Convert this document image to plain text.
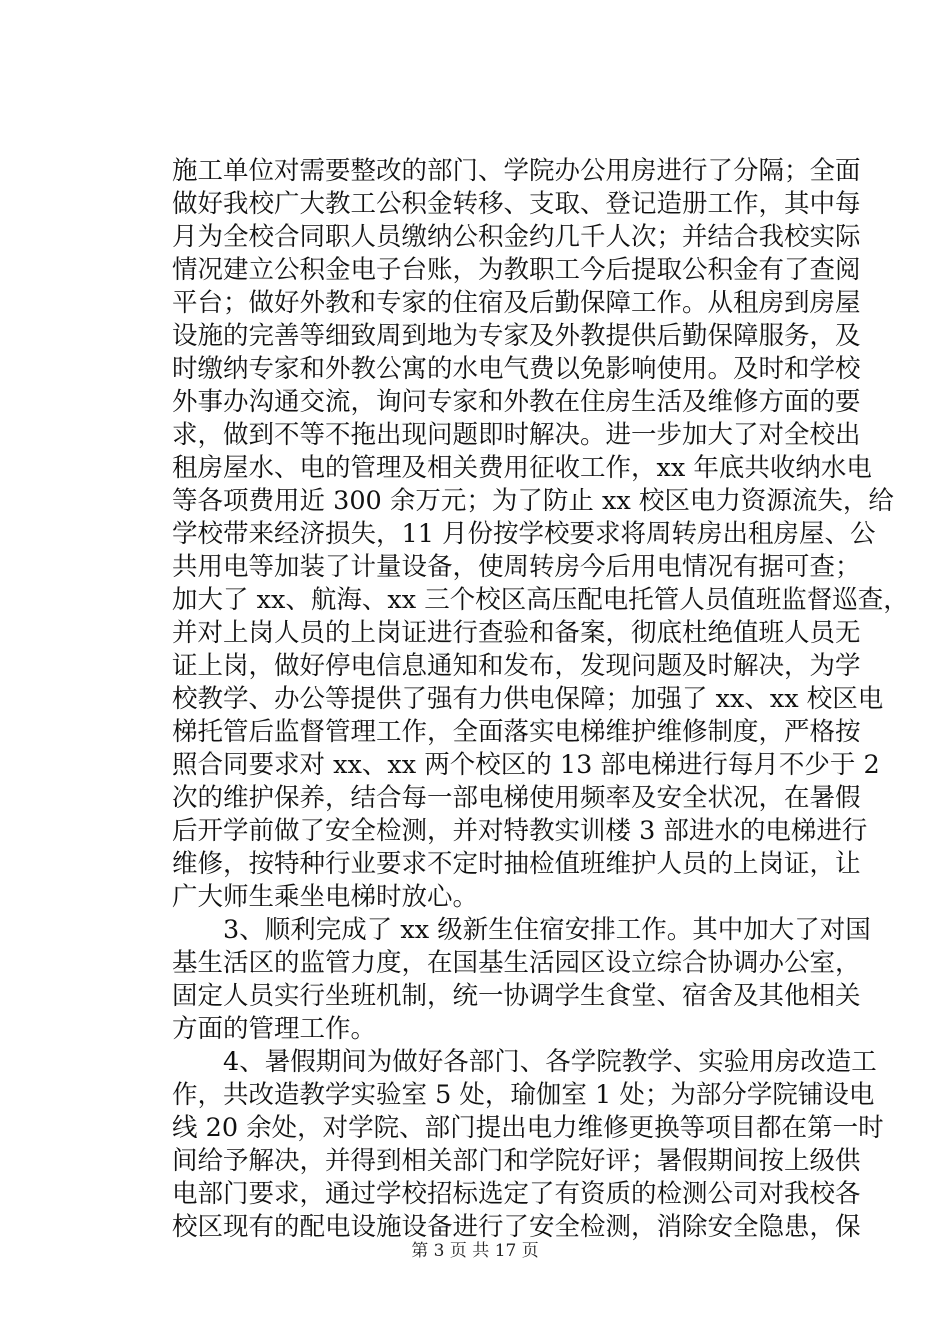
施工单位对需要整改的部门、学院办公用房进行了分隔；全面
做好我校广大教工公积金转移、支取、登记造册工作，其中每
月为全校合同职人员缴纳公积金约几千人次；并结合我校实际
情况建立公积金电子台账，为教职工今后提取公积金有了查阅
平台；做好外教和专家的住宿及后勤保障工作。从租房到房屋
设施的完善等细致周到地为专家及外教提供后勤保障服务，及
时缴纳专家和外教公寓的水电气费以免影响使用。及时和学校
外事办沟通交流，询问专家和外教在住房生活及维修方面的要
求，做到不等不拖出现问题即时解决。进一步加大了对全校出
租房屋水、电的管理及相关费用征收工作，xx 年底共收纳水电
等各项费用近 300 余万元；为了防止 xx 校区电力资源流失，给
学校带来经济损失，11 月份按学校要求将周转房出租房屋、公
共用电等加装了计量设备，使周转房今后用电情况有据可查；
加大了 xx、航海、xx 三个校区高压配电托管人员值班监督巡查，
并对上岗人员的上岗证进行查验和备案，彻底杜绝值班人员无
证上岗，做好停电信息通知和发布，发现问题及时解决，为学
校教学、办公等提供了强有力供电保障；加强了 xx、xx 校区电
梯托管后监督管理工作，全面落实电梯维护维修制度，严格按
照合同要求对 xx、xx 两个校区的 13 部电梯进行每月不少于 2
次的维护保养，结合每一部电梯使用频率及安全状况，在暑假
后开学前做了安全检测，并对特教实训楼 3 部进水的电梯进行
维修，按特种行业要求不定时抽检值班维护人员的上岗证，让
广大师生乘坐电梯时放心。
　　3、顺利完成了 xx 级新生住宿安排工作。其中加大了对国
基生活区的监管力度，在国基生活园区设立综合协调办公室，
固定人员实行坐班机制，统一协调学生食堂、宿舍及其他相关
方面的管理工作。
　　4、暑假期间为做好各部门、各学院教学、实验用房改造工
作，共改造教学实验室 5 处，瑜伽室 1 处；为部分学院铺设电
线 20 余处，对学院、部门提出电力维修更换等项目都在第一时
间给予解决，并得到相关部门和学院好评；暑假期间按上级供
电部门要求，通过学校招标选定了有资质的检测公司对我校各
校区现有的配电设施设备进行了安全检测，消除安全隐患，保
第 3 页 共 17 页
